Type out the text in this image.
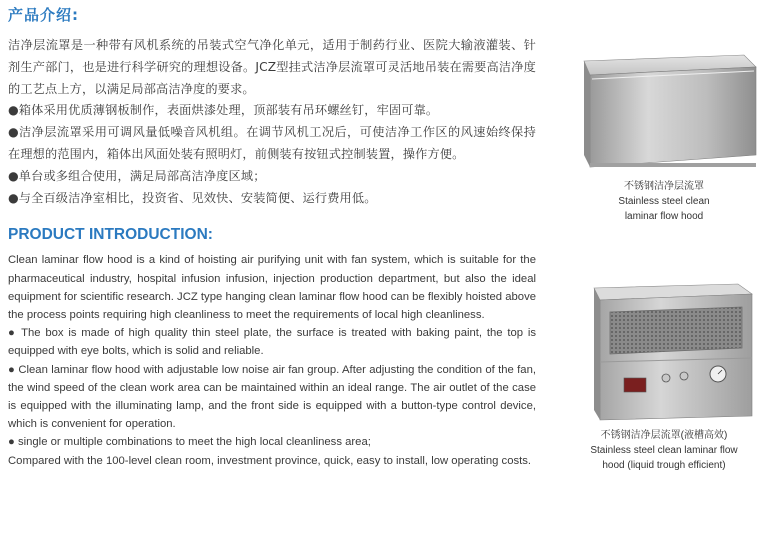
产品介绍:

洁净层流罩是一种带有风机系统的吊装式空气净化单元，适用于制药行业、医院大输液灌装、针剂生产部门，也是进行科学研究的理想设备。JCZ型挂式洁净层流罩可灵活地吊装在需要高洁净度的工艺点上方，以满足局部高洁净度的要求。

●箱体采用优质薄钢板制作，表面烘漆处理，顶部装有吊环螺丝钉，牢固可靠。

●洁净层流罩采用可调风量低噪音风机组。在调节风机工况后，可使洁净工作区的风速始终保持在理想的范围内，箱体出风面处装有照明灯，前侧装有按钮式控制装置，操作方便。

●单台或多组合使用，满足局部高洁净度区域；

●与全百级洁净室相比，投资省、见效快、安装简便、运行费用低。

PRODUCT INTRODUCTION:

Clean laminar flow hood is a kind of hoisting air purifying unit with fan system, which is suitable for the pharmaceutical industry, hospital infusion infusion, injection production department, but also the ideal equipment for scientific research. JCZ type hanging clean laminar flow hood can be flexibly hoisted above the process points requiring high cleanliness to meet the requirements of local high cleanliness.

● The box is made of high quality thin steel plate, the surface is treated with baking paint, the top is equipped with eye bolts, which is solid and reliable.

● Clean laminar flow hood with adjustable low noise air fan group. After adjusting the condition of the fan, the wind speed of the clean work area can be maintained within an ideal range. The air outlet of the case is equipped with the illuminating lamp, and the front side is equipped with a button-type control device, which is convenient for operation.

● single or multiple combinations to meet the high local cleanliness area;

Compared with the 100-level clean room, investment province, quick, easy to install, low operating costs.

不锈钢洁净层流罩
Stainless steel clean
laminar flow hood
不锈钢洁净层流罩(液槽高效)
Stainless steel clean laminar flow
hood (liquid trough efficient)
